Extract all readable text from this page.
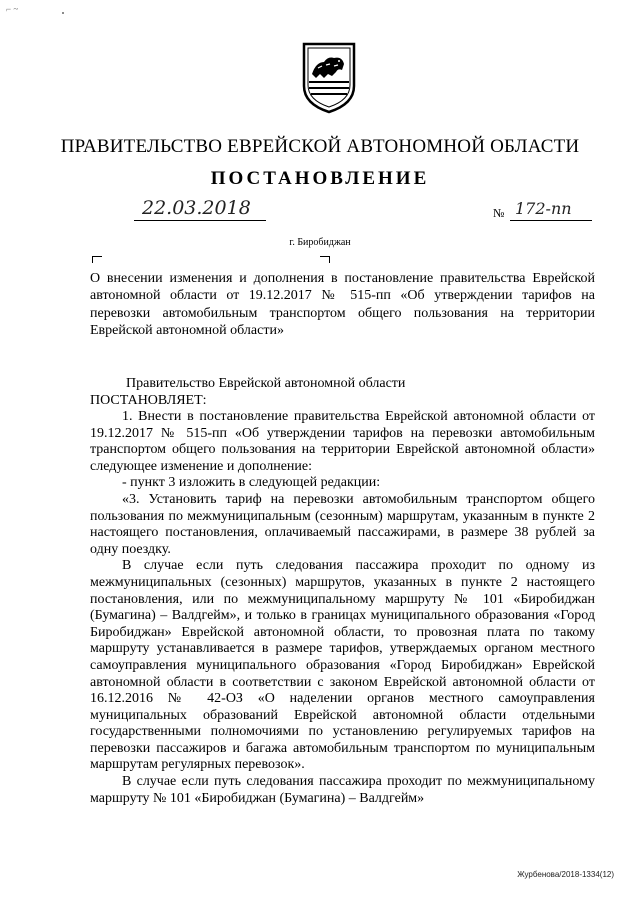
⌐ ~
ПРАВИТЕЛЬСТВО ЕВРЕЙСКОЙ АВТОНОМНОЙ ОБЛАСТИ
ПОСТАНОВЛЕНИЕ
22.03.2018	№ 172-пп
г. Биробиджан
О внесении изменения и дополнения в постановление правительства Еврейской автономной области от 19.12.2017 № 515-пп «Об утверждении тарифов на перевозки автомобильным транспортом общего пользования на территории Еврейской автономной области»
Правительство Еврейской автономной области
ПОСТАНОВЛЯЕТ:

1. Внести в постановление правительства Еврейской автономной области от 19.12.2017 № 515-пп «Об утверждении тарифов на перевозки автомобильным транспортом общего пользования на территории Еврейской автономной области» следующее изменение и дополнение:

- пункт 3 изложить в следующей редакции:

«3. Установить тариф на перевозки автомобильным транспортом общего пользования по межмуниципальным (сезонным) маршрутам, указанным в пункте 2 настоящего постановления, оплачиваемый пассажирами, в размере 38 рублей за одну поездку.

В случае если путь следования пассажира проходит по одному из межмуниципальных (сезонных) маршрутов, указанных в пункте 2 настоящего постановления, или по межмуниципальному маршруту № 101 «Биробиджан (Бумагина) – Валдгейм», и только в границах муниципального образования «Город Биробиджан» Еврейской автономной области, то провозная плата по такому маршруту устанавливается в размере тарифов, утверждаемых органом местного самоуправления муниципального образования «Город Биробиджан» Еврейской автономной области в соответствии с законом Еврейской автономной области от 16.12.2016 № 42-ОЗ «О наделении органов местного самоуправления муниципальных образований Еврейской автономной области отдельными государственными полномочиями по установлению регулируемых тарифов на перевозки пассажиров и багажа автомобильным транспортом по муниципальным маршрутам регулярных перевозок».

В случае если путь следования пассажира проходит по межмуниципальному маршруту № 101 «Биробиджан (Бумагина) – Валдгейм»

Журбенова/2018-1334(12)
